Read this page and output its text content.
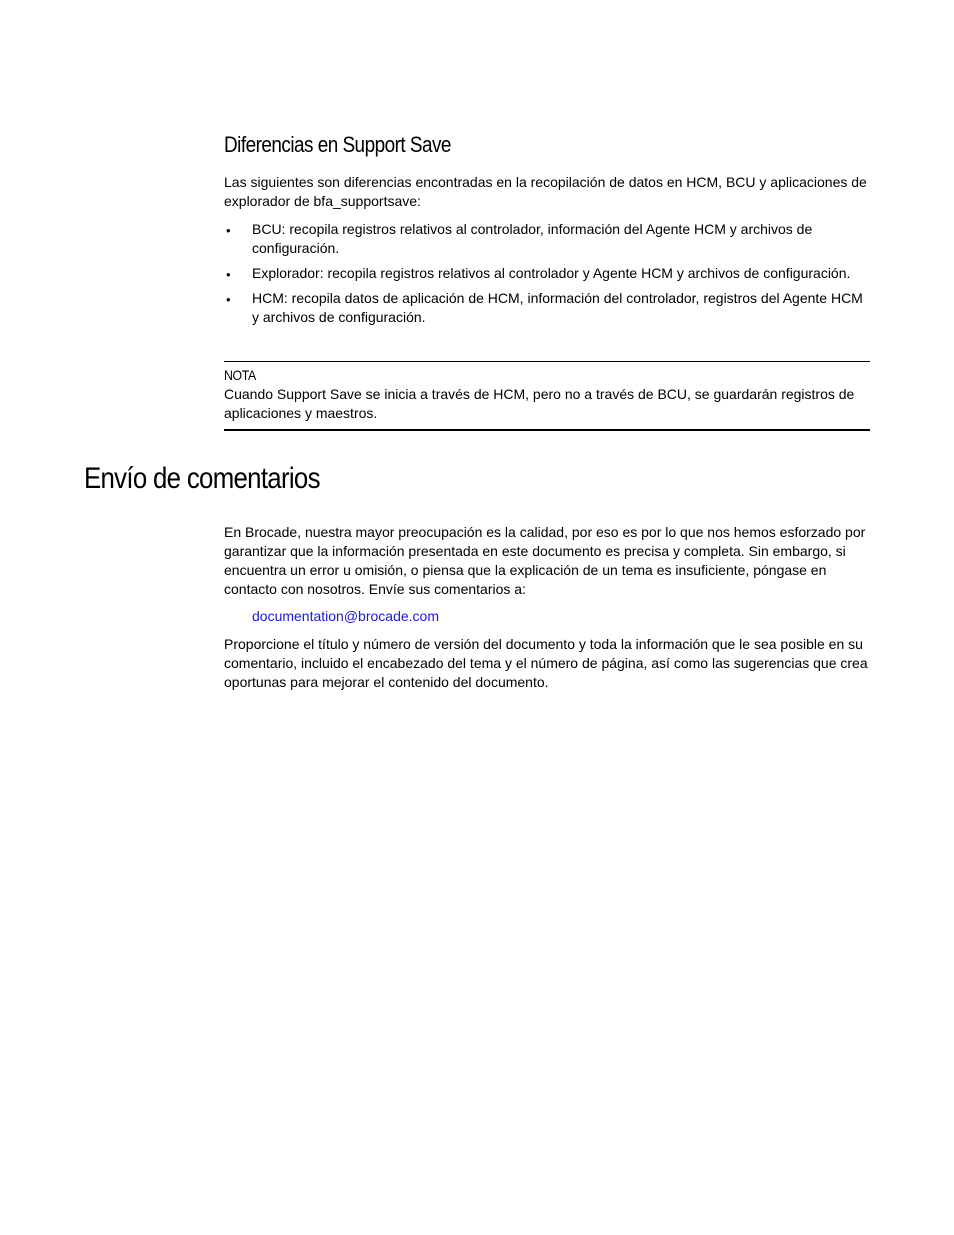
Diferencias en Support Save

Las siguientes son diferencias encontradas en la recopilación de datos en HCM, BCU y aplicaciones de explorador de bfa_supportsave:

• BCU: recopila registros relativos al controlador, información del Agente HCM y archivos de configuración.
• Explorador: recopila registros relativos al controlador y Agente HCM y archivos de configuración.
• HCM: recopila datos de aplicación de HCM, información del controlador, registros del Agente HCM y archivos de configuración.
NOTA
Cuando Support Save se inicia a través de HCM, pero no a través de BCU, se guardarán registros de aplicaciones y maestros.
Envío de comentarios

En Brocade, nuestra mayor preocupación es la calidad, por eso es por lo que nos hemos esforzado por garantizar que la información presentada en este documento es precisa y completa. Sin embargo, si encuentra un error u omisión, o piensa que la explicación de un tema es insuficiente, póngase en contacto con nosotros. Envíe sus comentarios a:

documentation@brocade.com

Proporcione el título y número de versión del documento y toda la información que le sea posible en su comentario, incluido el encabezado del tema y el número de página, así como las sugerencias que crea oportunas para mejorar el contenido del documento.
